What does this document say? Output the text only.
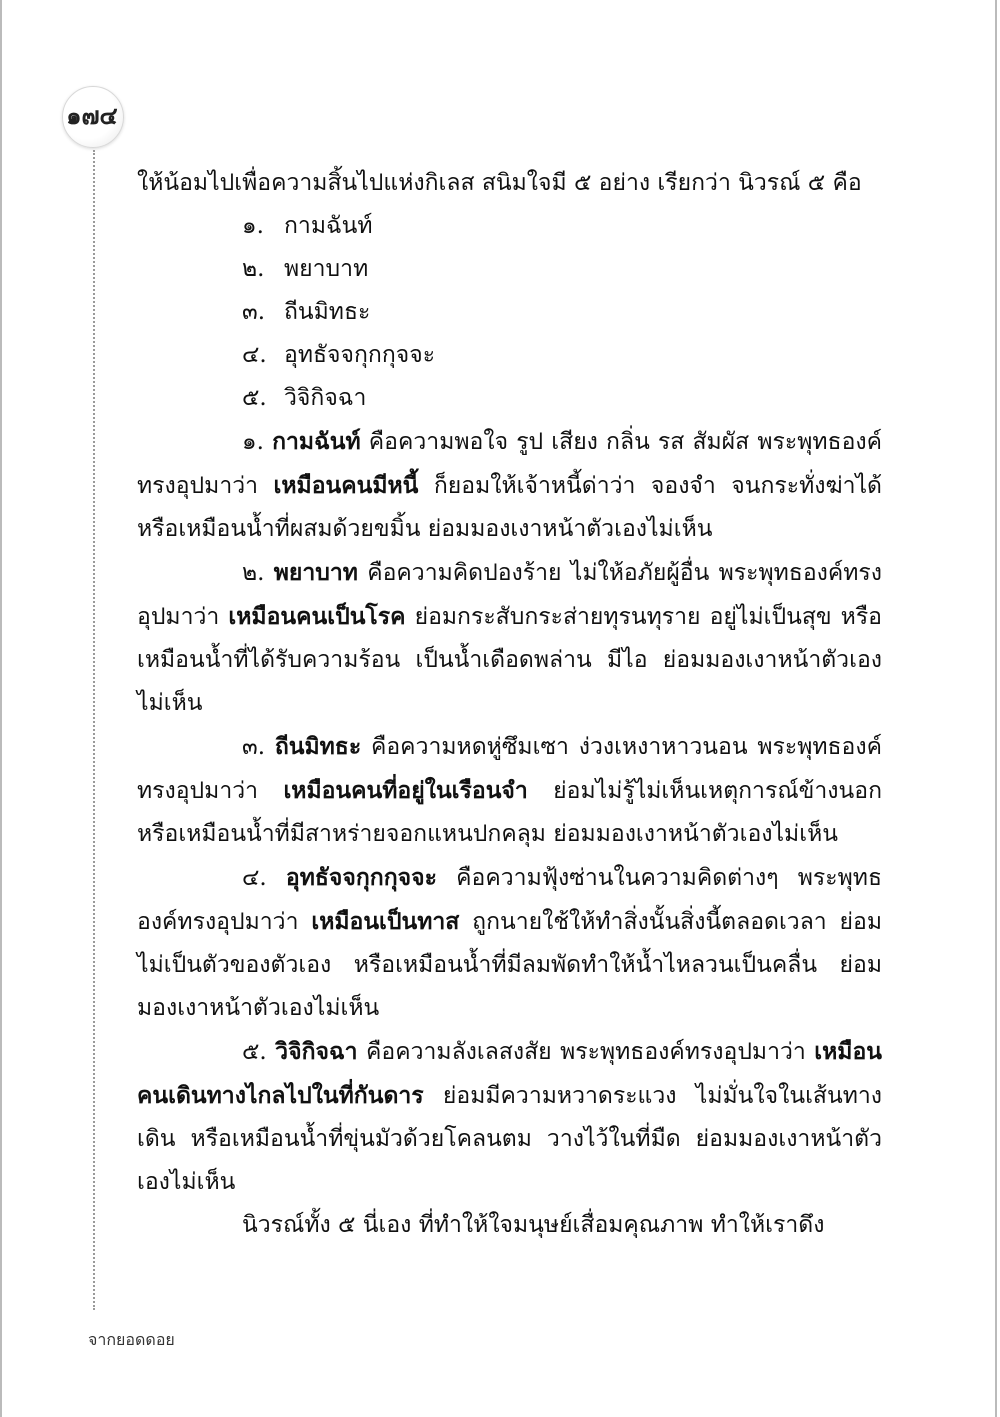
๑๗๔

ให้น้อมไปเพื่อความสิ้นไปแห่งกิเลส สนิมใจมี ๕ อย่าง เรียกว่า นิวรณ์ ๕ คือ

๑. กามฉันท์
๒. พยาบาท
๓. ถีนมิทธะ
๔. อุทธัจจกุกกุจจะ
๕. วิจิกิจฉา

๑. กามฉันท์ คือความพอใจ รูป เสียง กลิ่น รส สัมผัส พระพุทธองค์ทรงอุปมาว่า เหมือนคนมีหนี้ ก็ยอมให้เจ้าหนี้ด่าว่า จองจำ จนกระทั่งฆ่าได้ หรือเหมือนน้ำที่ผสมด้วยขมิ้น ย่อมมองเงาหน้าตัวเองไม่เห็น

๒. พยาบาท คือความคิดปองร้าย ไม่ให้อภัยผู้อื่น พระพุทธองค์ทรงอุปมาว่า เหมือนคนเป็นโรค ย่อมกระสับกระส่ายทุรนทุราย อยู่ไม่เป็นสุข หรือเหมือนน้ำที่ได้รับความร้อน เป็นน้ำเดือดพล่าน มีไอ ย่อมมองเงาหน้าตัวเองไม่เห็น

๓. ถีนมิทธะ คือความหดหู่ซึมเซา ง่วงเหงาหาวนอน พระพุทธองค์ทรงอุปมาว่า เหมือนคนที่อยู่ในเรือนจำ ย่อมไม่รู้ไม่เห็นเหตุการณ์ข้างนอก หรือเหมือนน้ำที่มีสาหร่ายจอกแหนปกคลุม ย่อมมองเงาหน้าตัวเองไม่เห็น

๔. อุทธัจจกุกกุจจะ คือความฟุ้งซ่านในความคิดต่างๆ พระพุทธองค์ทรงอุปมาว่า เหมือนเป็นทาส ถูกนายใช้ให้ทำสิ่งนั้นสิ่งนี้ตลอดเวลา ย่อมไม่เป็นตัวของตัวเอง หรือเหมือนน้ำที่มีลมพัดทำให้น้ำไหลวนเป็นคลื่น ย่อมมองเงาหน้าตัวเองไม่เห็น

๕. วิจิกิจฉา คือความลังเลสงสัย พระพุทธองค์ทรงอุปมาว่า เหมือนคนเดินทางไกลไปในที่กันดาร ย่อมมีความหวาดระแวง ไม่มั่นใจในเส้นทางเดิน หรือเหมือนน้ำที่ขุ่นมัวด้วยโคลนตม วางไว้ในที่มืด ย่อมมองเงาหน้าตัวเองไม่เห็น

นิวรณ์ทั้ง ๕ นี่เอง ที่ทำให้ใจมนุษย์เสื่อมคุณภาพ ทำให้เราดึง

จากยอดดอย
